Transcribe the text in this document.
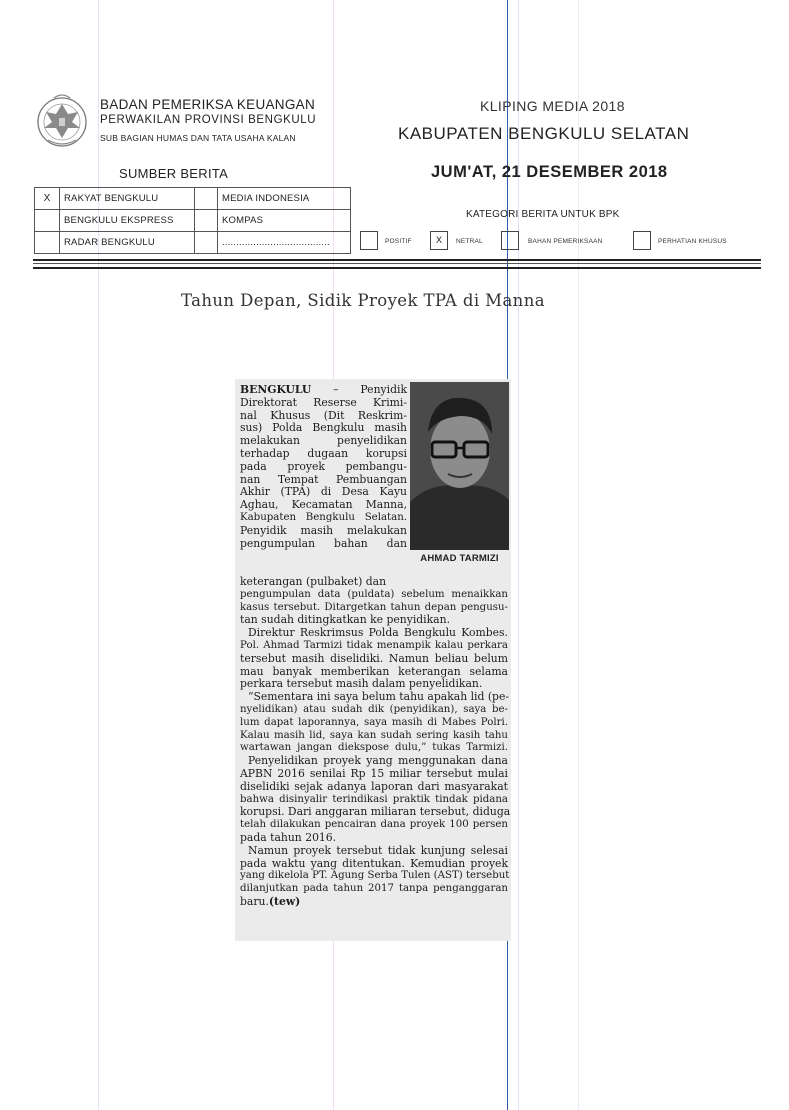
BADAN PEMERIKSA KEUANGAN
PERWAKILAN PROVINSI BENGKULU
SUB BAGIAN HUMAS DAN TATA USAHA KALAN
KLIPING MEDIA 2018
KABUPATEN BENGKULU SELATAN
JUM'AT, 21 DESEMBER 2018
SUMBER BERITA
X	RAKYAT BENGKULU		MEDIA INDONESIA
	BENGKULU EKSPRESS		KOMPAS
	RADAR BENGKULU		......................................
KATEGORI BERITA UNTUK BPK
POSITIF	X	NETRAL	BAHAN PEMERIKSAAN	PERHATIAN KHUSUS
Tahun Depan, Sidik Proyek TPA di Manna
AHMAD TARMIZI
BENGKULU – Penyidik
Direktorat Reserse Krimi-
nal Khusus (Dit Reskrim-
sus) Polda Bengkulu masih
melakukan penyelidikan
terhadap dugaan korupsi
pada proyek pembangu-
nan Tempat Pembuangan
Akhir (TPA) di Desa Kayu
Aghau, Kecamatan Manna,
Kabupaten Bengkulu Selatan.
Penyidik masih melakukan
pengumpulan bahan dan
keterangan (pulbaket) dan
pengumpulan data (puldata) sebelum menaikkan
kasus tersebut. Ditargetkan tahun depan pengusu-
tan sudah ditingkatkan ke penyidikan.
Direktur Reskrimsus Polda Bengkulu Kombes.
Pol. Ahmad Tarmizi tidak menampik kalau perkara
tersebut masih diselidiki. Namun beliau belum
mau banyak memberikan keterangan selama
perkara tersebut masih dalam penyelidikan.
“Sementara ini saya belum tahu apakah lid (pe-
nyelidikan) atau sudah dik (penyidikan), saya be-
lum dapat laporannya, saya masih di Mabes Polri.
Kalau masih lid, saya kan sudah sering kasih tahu
wartawan jangan diekspose dulu,” tukas Tarmizi.
Penyelidikan proyek yang menggunakan dana
APBN 2016 senilai Rp 15 miliar tersebut mulai
diselidiki sejak adanya laporan dari masyarakat
bahwa disinyalir terindikasi praktik tindak pidana
korupsi. Dari anggaran miliaran tersebut, diduga
telah dilakukan pencairan dana proyek 100 persen
pada tahun 2016.
Namun proyek tersebut tidak kunjung selesai
pada waktu yang ditentukan. Kemudian proyek
yang dikelola PT. Agung Serba Tulen (AST) tersebut
dilanjutkan pada tahun 2017 tanpa penganggaran
baru.(tew)
